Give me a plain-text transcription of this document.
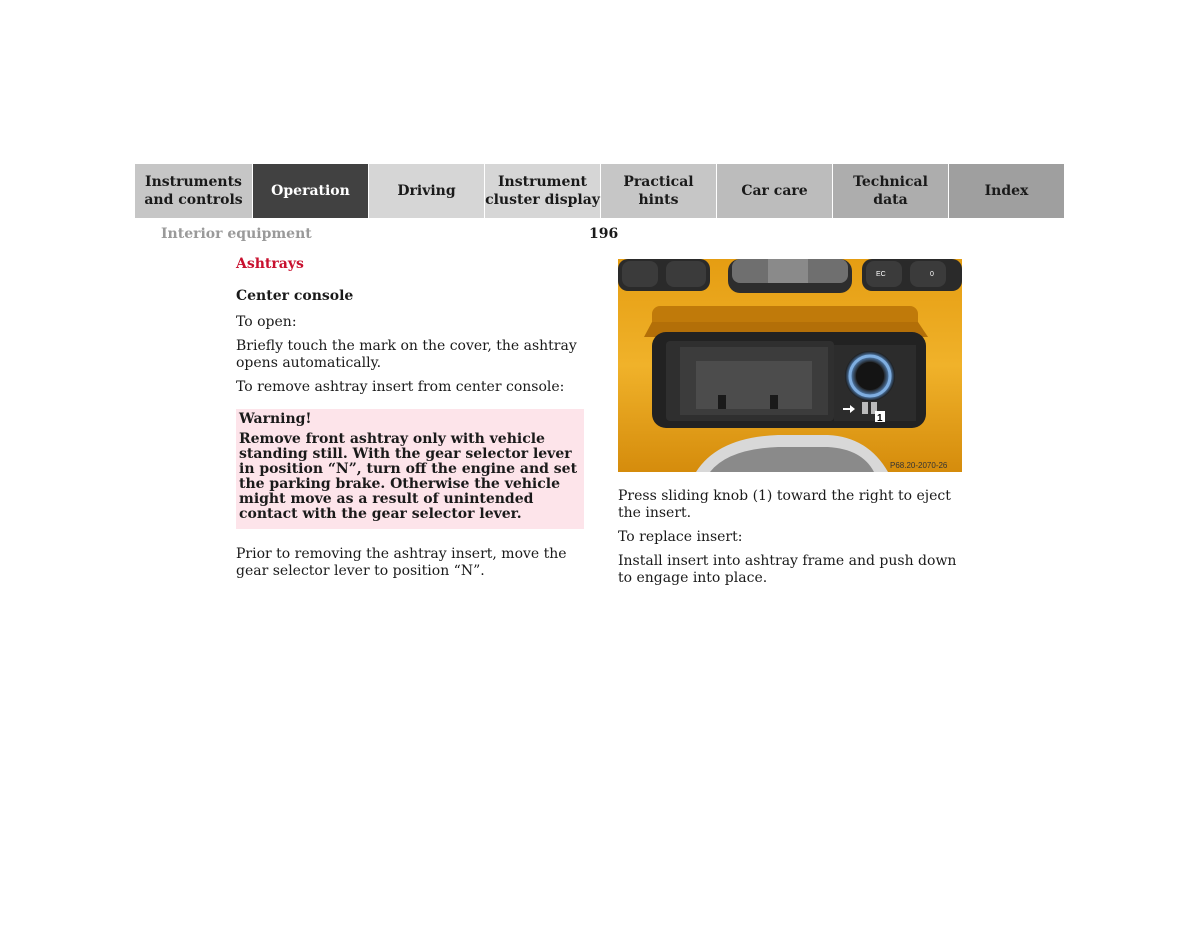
Instruments
and controls
Operation	Driving
Instrument
cluster display
Practical hints
Car care
Technical
data
Index
Interior equipment	196
Ashtrays
Center console

To open:

Briefly touch the mark on the cover, the ashtray opens automatically.

To remove ashtray insert from center console:

Warning!
Remove front ashtray only with vehicle standing still. With the gear selector lever in position “N”, turn off the engine and set the parking brake. Otherwise the vehicle might move as a result of unintended contact with the gear selector lever.

Prior to removing the ashtray insert, move the gear selector lever to position “N”.

EC	0
1
P68.20-2070-26

Press sliding knob (1) toward the right to eject the insert.

To replace insert:

Install insert into ashtray frame and push down to engage into place.
